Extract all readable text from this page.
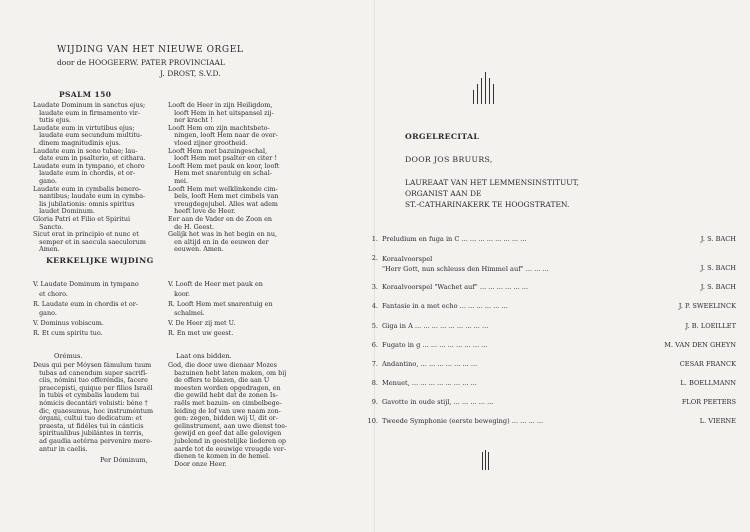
WIJDING VAN HET NIEUWE ORGEL
door de HOOGEERW. PATER PROVINCIAAL
J. DROST, S.V.D.
PSALM 150
Laudate Dominum in sanctus ejus;
laudate eum in firmamento vir-
tutis ejus.
Laudate eum in virtutibus ejus;
laudate eum secundum multitu-
dinem magnitudinis ejus.
Laudate eum in sono tubae; lau-
date eum in psalterio, et cithara.
Laudate eum in tympano, et choro
laudate eum in chordis, et or-
gano.
Laudate eum in cymbalis benero-
nantibus; laudate eum in cymba-
lis jubilationis: omnis spiritus
laudet Dominum.
Gloria Patri et Filio et Spiritui
Sancto.
Sicut erat in principio et nunc et
semper et in saecula saeculorum
Amen.
Looft de Heer in zijn Heiligdom,
looft Hem in het uitspansel zij-
ner kracht !
Looft Hem om zijn machtsbeto-
ningen, looft Hem naar de over-
vloed zijner grootheid.
Looft Hem met bazuingeschal,
looft Hem met psalter en citer !
Looft Hem met pauk en koor, looft
Hem met snarentuig en schal-
mei.
Looft Hem met welklinkende cim-
bels, looft Hem met cimbels van
vreugdegejubel. Alles wat adem
heeft love de Heer.
Eer aan de Vader en de Zoon en
de H. Geest.
Gelijk het was in het begin en nu,
en altijd en in de eeuwen der
eeuwen. Amen.
KERKELIJKE WIJDING
V. Laudate Dominum in tympano
et choro.
R. Laudate eum in chordis et or-
gano.
V. Dominus vobiscum.
R. Et cum spiritu tuo.
V. Looft de Heer met pauk en
koor.
R. Looft Hem met snarentuig en
schalmei.
V. De Heer zij met U.
R. En met uw geest.
Orémus.	Laat ons bidden.
Deus qui per Móysen fámulum tuum
tubas ad canendum super sacrifí-
ciis, nómini tuo offeréndis, facere
praecepisti, quique per filios Israël
in tubis et cymbalis laudem tui
nómicis decantári voluisti: béne †
dic, quaesumus, hoc instruméntum
órgani, cultui tuo dedicatum: et
praesta, ut fidéles tui in cánticis
spiritualibus jubilántes in terris,
ad gaudia aetérna pervenire mere-
antur in caelis.
Per Dóminum,
God, die door uwe dienaar Mozes
bazuinen hebt laten maken, om bij
de offers te blazen, die aan U
moesten worden opgedragen, en
die gewild hebt dat de zonen Is-
raëls met bazuin- en cimbelbege-
leiding de lof van uwe naam zon-
gen: zegen, bidden wij U, dit or-
gelinstrument, aan uwe dienst toe-
gewijd en geef dat alle gelovigen
jubelend in geestelijke liederen op
aarde tot de eeuwige vreugde ver-
dienen te komen in de hemel.
Door onze Heer.
ORGELRECITAL
DOOR JOS BRUURS,
LAUREAAT VAN HET LEMMENSINSTITUUT,
ORGANIST AAN DE
ST.-CATHARINAKERK TE HOOGSTRATEN.
1. Preludium en fuga in C ... ... ... ... ... ... ... ...	J. S. BACH
2. Koraalvoorspel
"Herr Gott, nun schleuss den Himmel auf" ... ... ...	J. S. BACH
3. Koraalvoorspel "Wachet auf" ... ... ... ... ... ...	J. S. BACH
4. Fantasie in a met echo ... ... ... ... ... ...	J. P. SWEELINCK
5. Giga in A ... ... ... ... ... ... ... ... ...	J. B. LOEILLET
6. Fugato in g ... ... ... ... ... ... ... ...	M. VAN DEN GHEYN
7. Andantino, ... ... ... ... ... ... ...	CESAR FRANCK
8. Menuet, ... ... ... ... ... ... ... ...	L. BOELLMANN
9. Gavotte in oude stijl, ... ... ... ... ...	FLOR PEETERS
10. Tweede Symphonie (eerste beweging) ... ... ... ...	L. VIERNE
